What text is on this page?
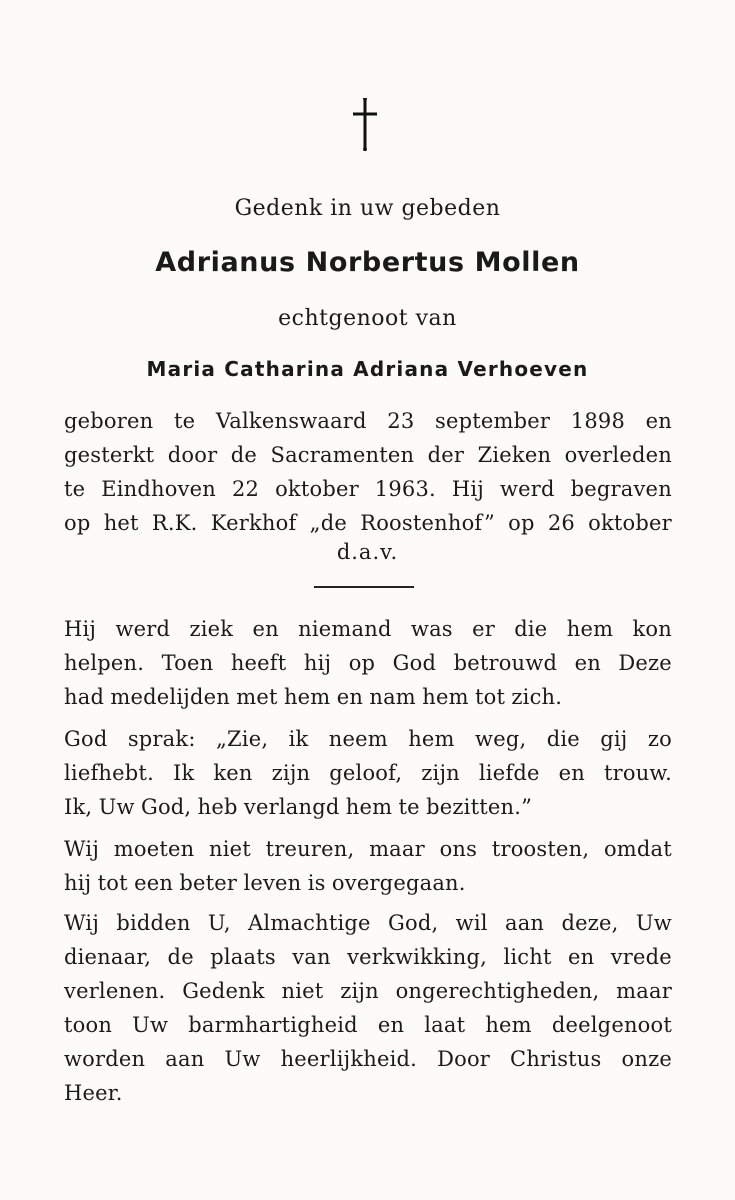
Gedenk in uw gebeden
Adrianus Norbertus Mollen
echtgenoot van
Maria Catharina Adriana Verhoeven
geboren te Valkenswaard 23 september 1898 en
gesterkt door de Sacramenten der Zieken overleden
te Eindhoven 22 oktober 1963. Hij werd begraven
op het R.K. Kerkhof „de Roostenhof” op 26 oktober
d.a.v.
Hij werd ziek en niemand was er die hem kon
helpen. Toen heeft hij op God betrouwd en Deze
had medelijden met hem en nam hem tot zich.
God sprak: „Zie, ik neem hem weg, die gij zo
liefhebt. Ik ken zijn geloof, zijn liefde en trouw.
Ik, Uw God, heb verlangd hem te bezitten.”
Wij moeten niet treuren, maar ons troosten, omdat
hij tot een beter leven is overgegaan.
Wij bidden U, Almachtige God, wil aan deze, Uw
dienaar, de plaats van verkwikking, licht en vrede
verlenen. Gedenk niet zijn ongerechtigheden, maar
toon Uw barmhartigheid en laat hem deelgenoot
worden aan Uw heerlijkheid. Door Christus onze
Heer.
